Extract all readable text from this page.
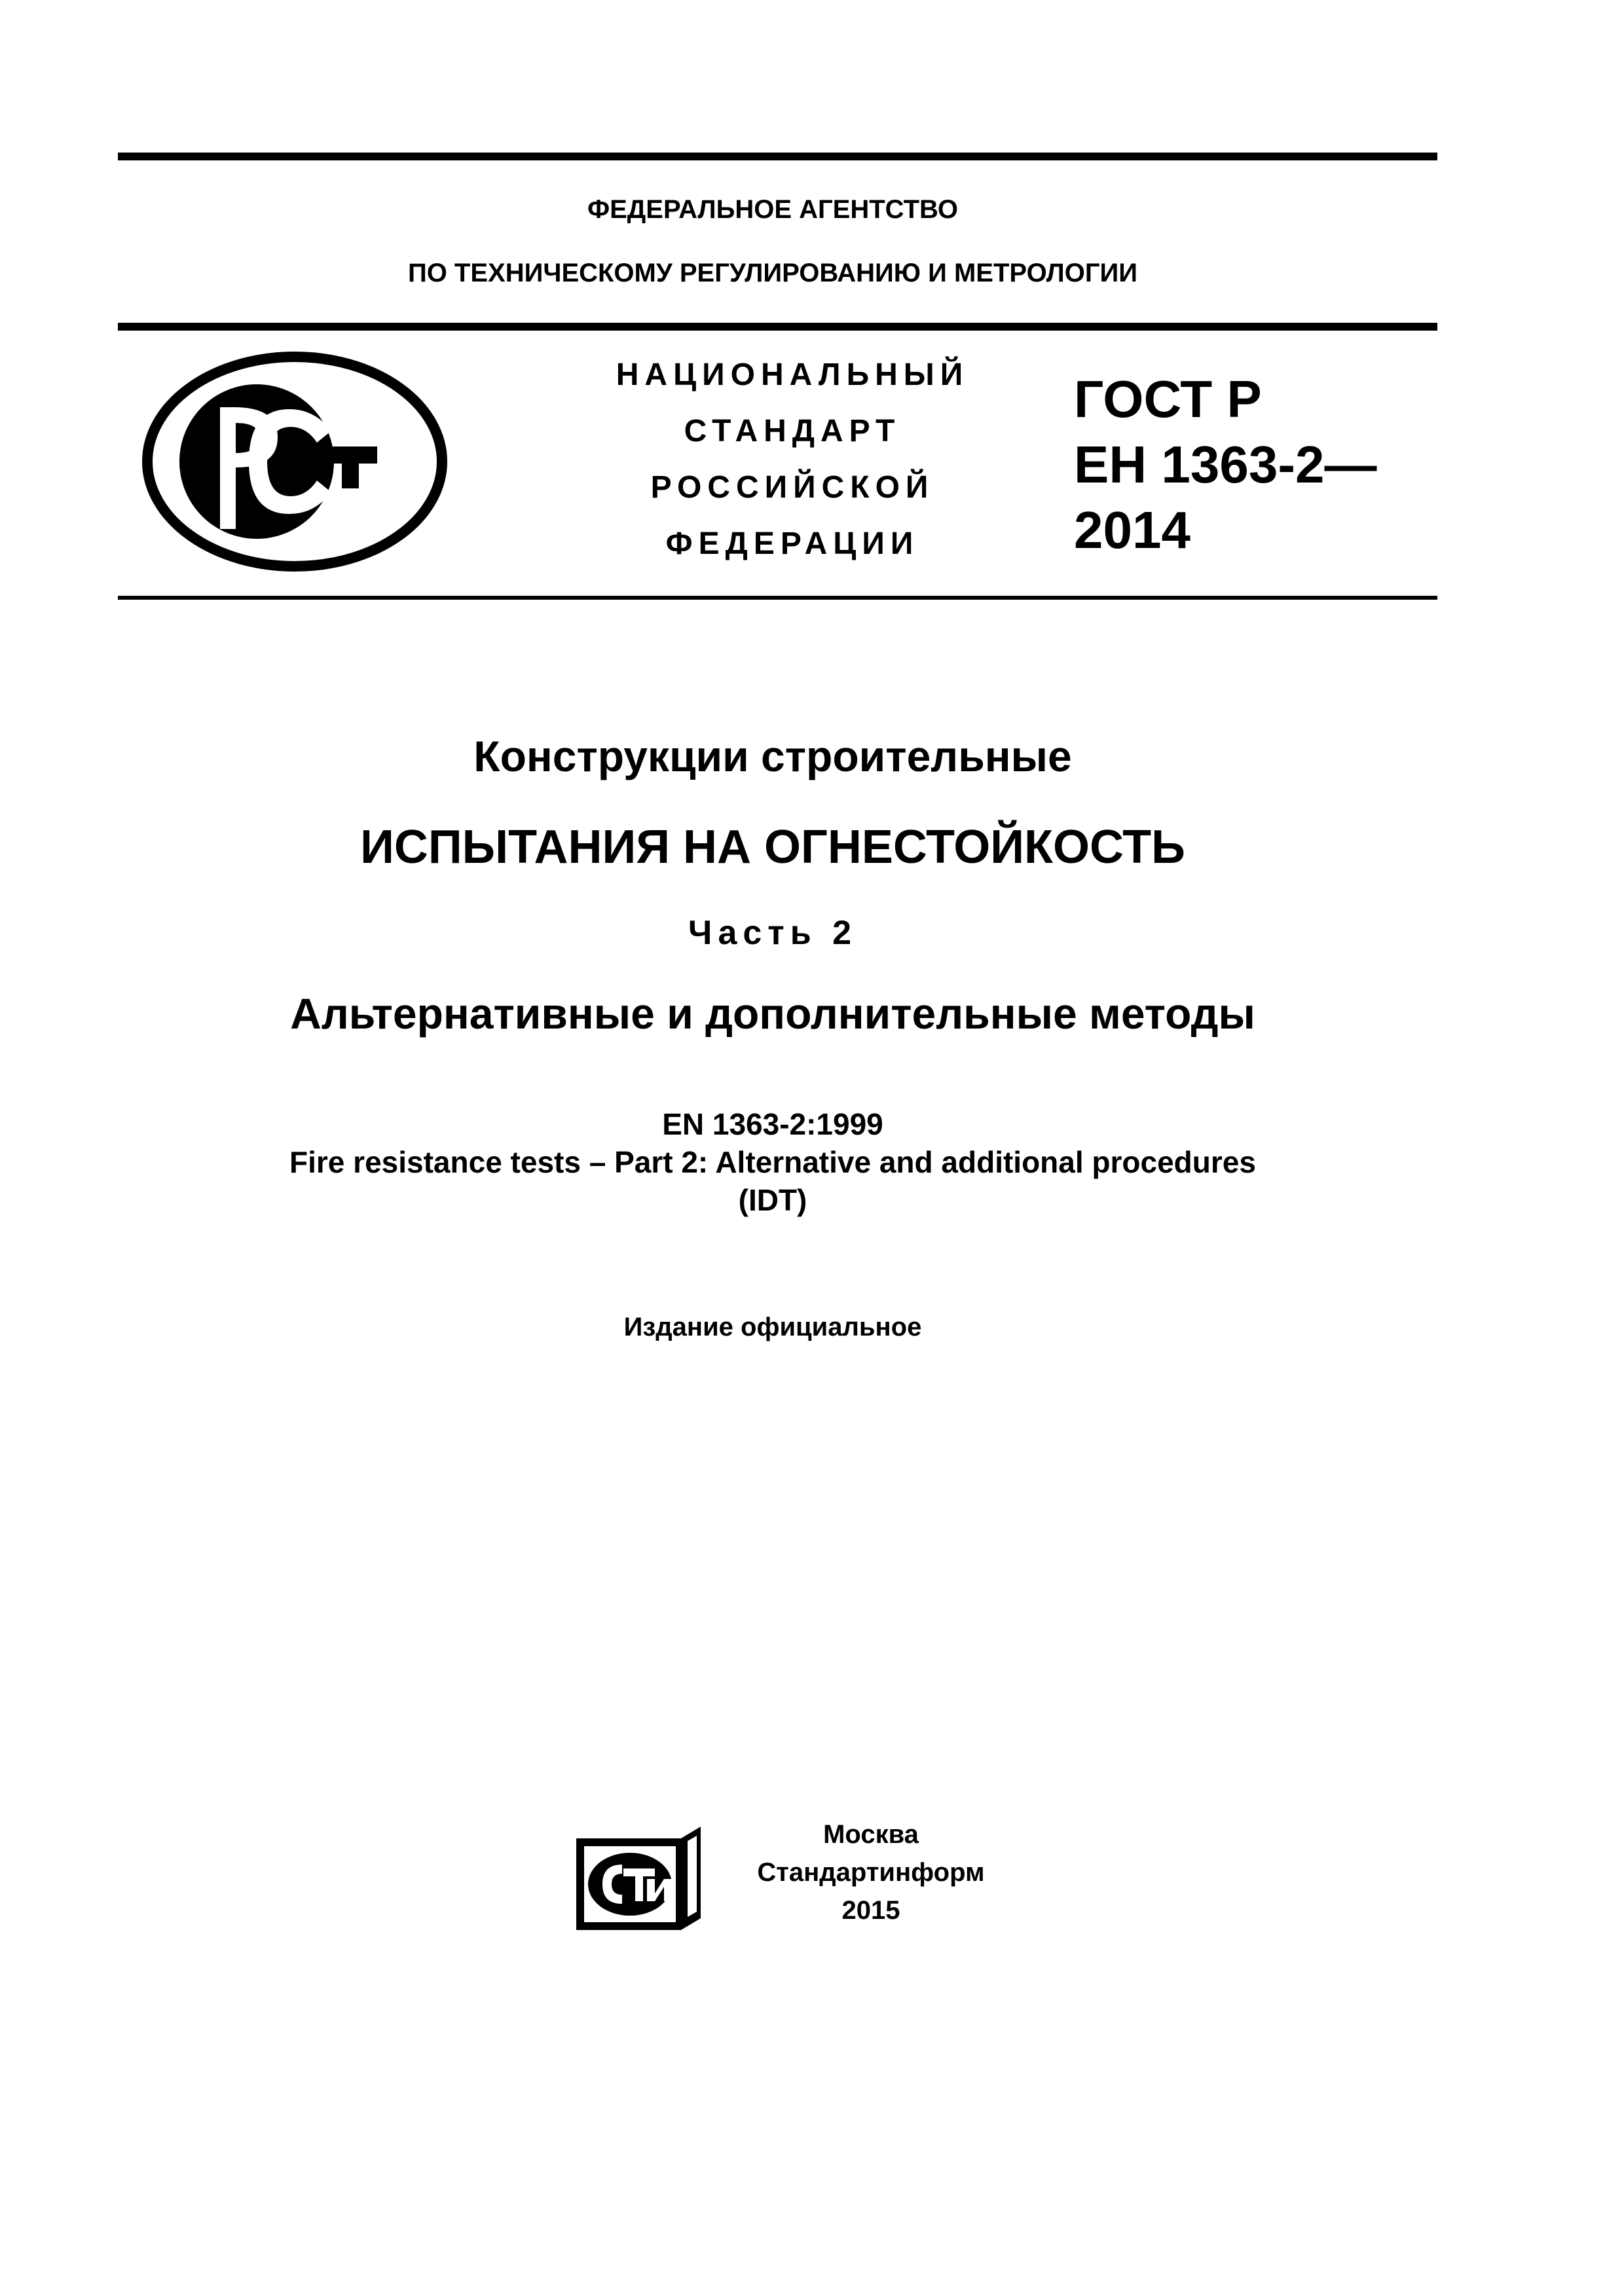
ФЕДЕРАЛЬНОЕ АГЕНТСТВО
ПО ТЕХНИЧЕСКОМУ РЕГУЛИРОВАНИЮ И МЕТРОЛОГИИ
НАЦИОНАЛЬНЫЙ
СТАНДАРТ
РОССИЙСКОЙ
ФЕДЕРАЦИИ
ГОСТ Р
ЕН 1363-2—
2014
Конструкции строительные
ИСПЫТАНИЯ НА ОГНЕСТОЙКОСТЬ
Часть 2
Альтернативные и дополнительные методы
EN 1363-2:1999
Fire resistance tests – Part 2: Alternative and additional procedures
(IDT)
Издание официальное
Москва
Стандартинформ
2015
